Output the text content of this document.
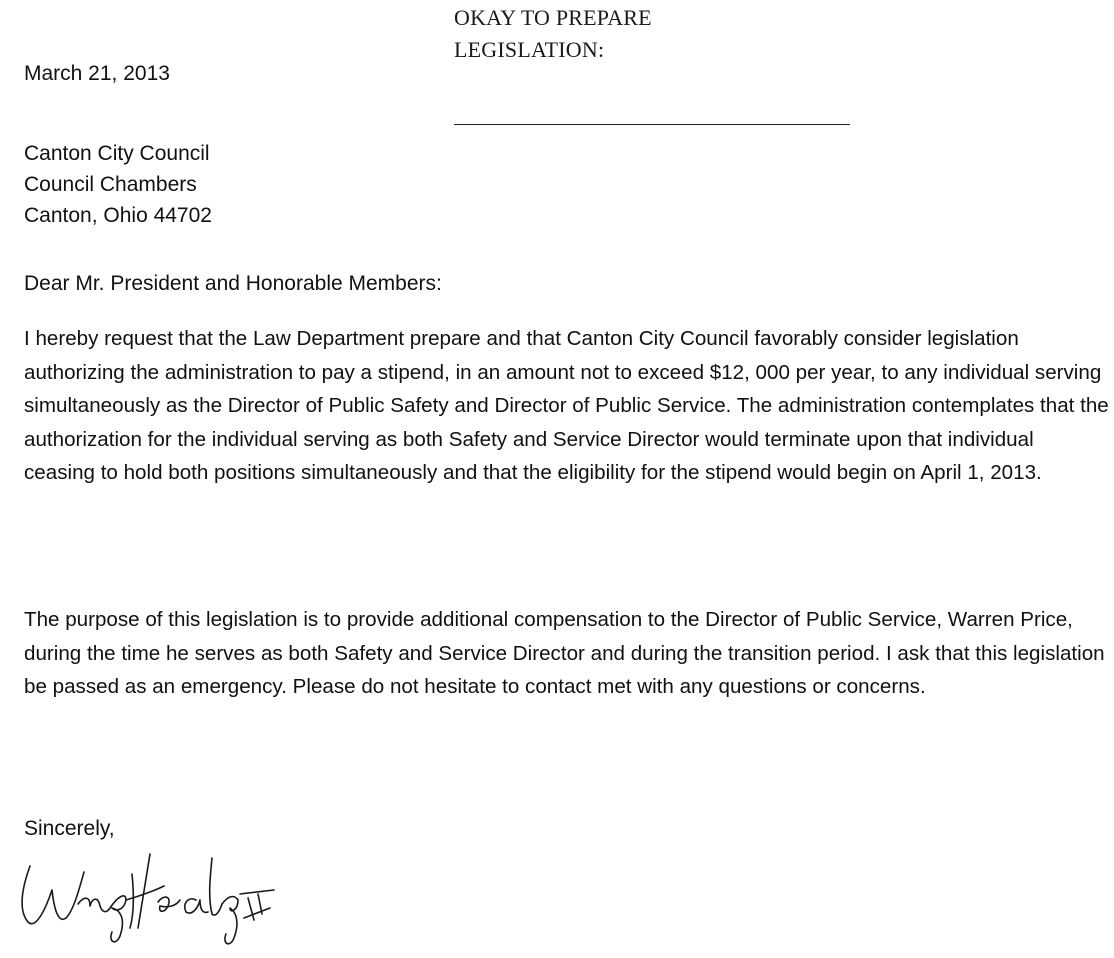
OKAY TO PREPARE
LEGISLATION:
March 21, 2013
Canton City Council
Council Chambers
Canton, Ohio 44702
Dear Mr. President and Honorable Members:
I hereby request that the Law Department prepare and that Canton City Council favorably consider legislation authorizing the administration to pay a stipend, in an amount not to exceed $12, 000 per year, to any individual serving simultaneously as the Director of Public Safety and Director of Public Service. The administration contemplates that the authorization for the individual serving as both Safety and Service Director would terminate upon that individual ceasing to hold both positions simultaneously and that the eligibility for the stipend would begin on April 1, 2013.
The purpose of this legislation is to provide additional compensation to the Director of Public Service, Warren Price, during the time he serves as both Safety and Service Director and during the transition period. I ask that this legislation be passed as an emergency. Please do not hesitate to contact met with any questions or concerns.
Sincerely,
